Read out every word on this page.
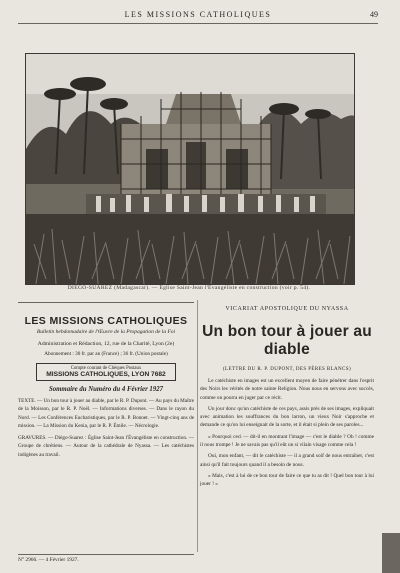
LES MISSIONS CATHOLIQUES	49
DIEGO-SUAREZ (Madagascar). — Église Saint-Jean l'Évangéliste en construction (voir p. 54).
LES MISSIONS CATHOLIQUES
Bulletin hebdomadaire de l'Œuvre de la Propagation de la Foi
Administration et Rédaction, 12, rue de la Charité, Lyon (2e)
Abonnement : 30 fr. par an (France) ; 36 fr. (Union postale)
Compte courant de Chèques Postaux
MISSIONS CATHOLIQUES, LYON 7682
Sommaire du Numéro du 4 Février 1927
TEXTE. — Un bon tour à jouer au diable, par le R. P. Dupont. — Au pays du Maître de la Moisson, par le R. P. Noël. — Informations diverses. — Dans le rayon du Nord. — Les Conférences Eucharistiques, par le R. P. Bonnet. — Vingt-cinq ans de mission. — La Mission du Kenia, par le R. P. Émile. — Nécrologie.
GRAVURES. — Diégo-Suarez : Église Saint-Jean l'Évangéliste en construction. — Groupe de chrétiens. — Autour de la cathédrale de Nyassa. — Les catéchistes indigènes au travail.
VICARIAT APOSTOLIQUE DU NYASSA
Un bon tour à jouer au diable
(LETTRE DU R. P. DUPONT, DES PÈRES BLANCS)

Le catéchiste en images est un excellent moyen de faire pénétrer dans l'esprit des Noirs les vérités de notre sainte Religion. Nous nous en servons avec succès, comme on pourra en juger par ce récit.

Un jour donc qu'un catéchiste de ces pays, assis près de ses images, expliquait avec animation les souffrances du bon larron, un vieux Noir s'approche et demande ce qu'on lui enseignait de la sorte, et il était si plein de ses paroles...

« Pourquoi ceci — dit-il en montrant l'image — c'est le diable ? Oh ! comme il nous trompe ! Je ne savais pas qu'il eût un si vilain visage comme cela !

Oui, mon enfant, — dit le catéchiste — il a grand soif de nous entraîner, c'est ainsi qu'il fait toujours quand il a besoin de nous.

« Mais, c'est à lui de ce bon tour de faire ce que tu as dit ! Quel bon tour à lui jouer ! »

N° 2966. — 4 Février 1927.
